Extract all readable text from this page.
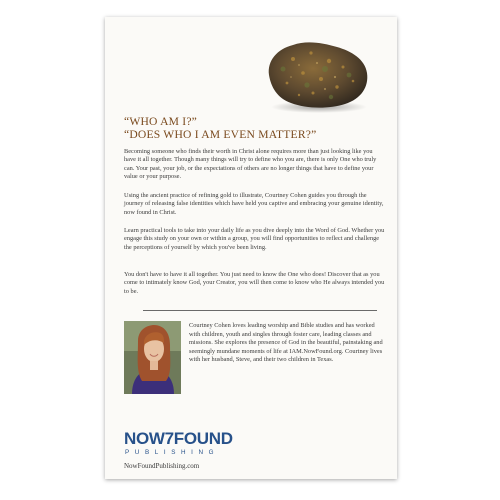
“WHO AM I?”
“DOES WHO I AM EVEN MATTER?”

Becoming someone who finds their worth in Christ alone requires more than just looking like you have it all together. Though many things will try to define who you are, there is only One who truly can. Your past, your job, or the expectations of others are no longer things that have to define your value or your purpose.

Using the ancient practice of refining gold to illustrate, Courtney Cohen guides you through the journey of releasing false identities which have held you captive and embracing your genuine identity, now found in Christ.

Learn practical tools to take into your daily life as you dive deeply into the Word of God. Whether you engage this study on your own or within a group, you will find opportunities to reflect and challenge the perceptions of yourself by which you've been living.

You don't have to have it all together. You just need to know the One who does! Discover that as you come to intimately know God, your Creator, you will then come to know who He always intended you to be.

Courtney Cohen loves leading worship and Bible studies and has worked with children, youth and singles through foster care, leading classes and missions. She explores the presence of God in the beautiful, painstaking and seemingly mundane moments of life at IAM.NowFound.org. Courtney lives with her husband, Steve, and their two children in Texas.

NOW7FOUND
PUBLISHING
NowFoundPublishing.com
